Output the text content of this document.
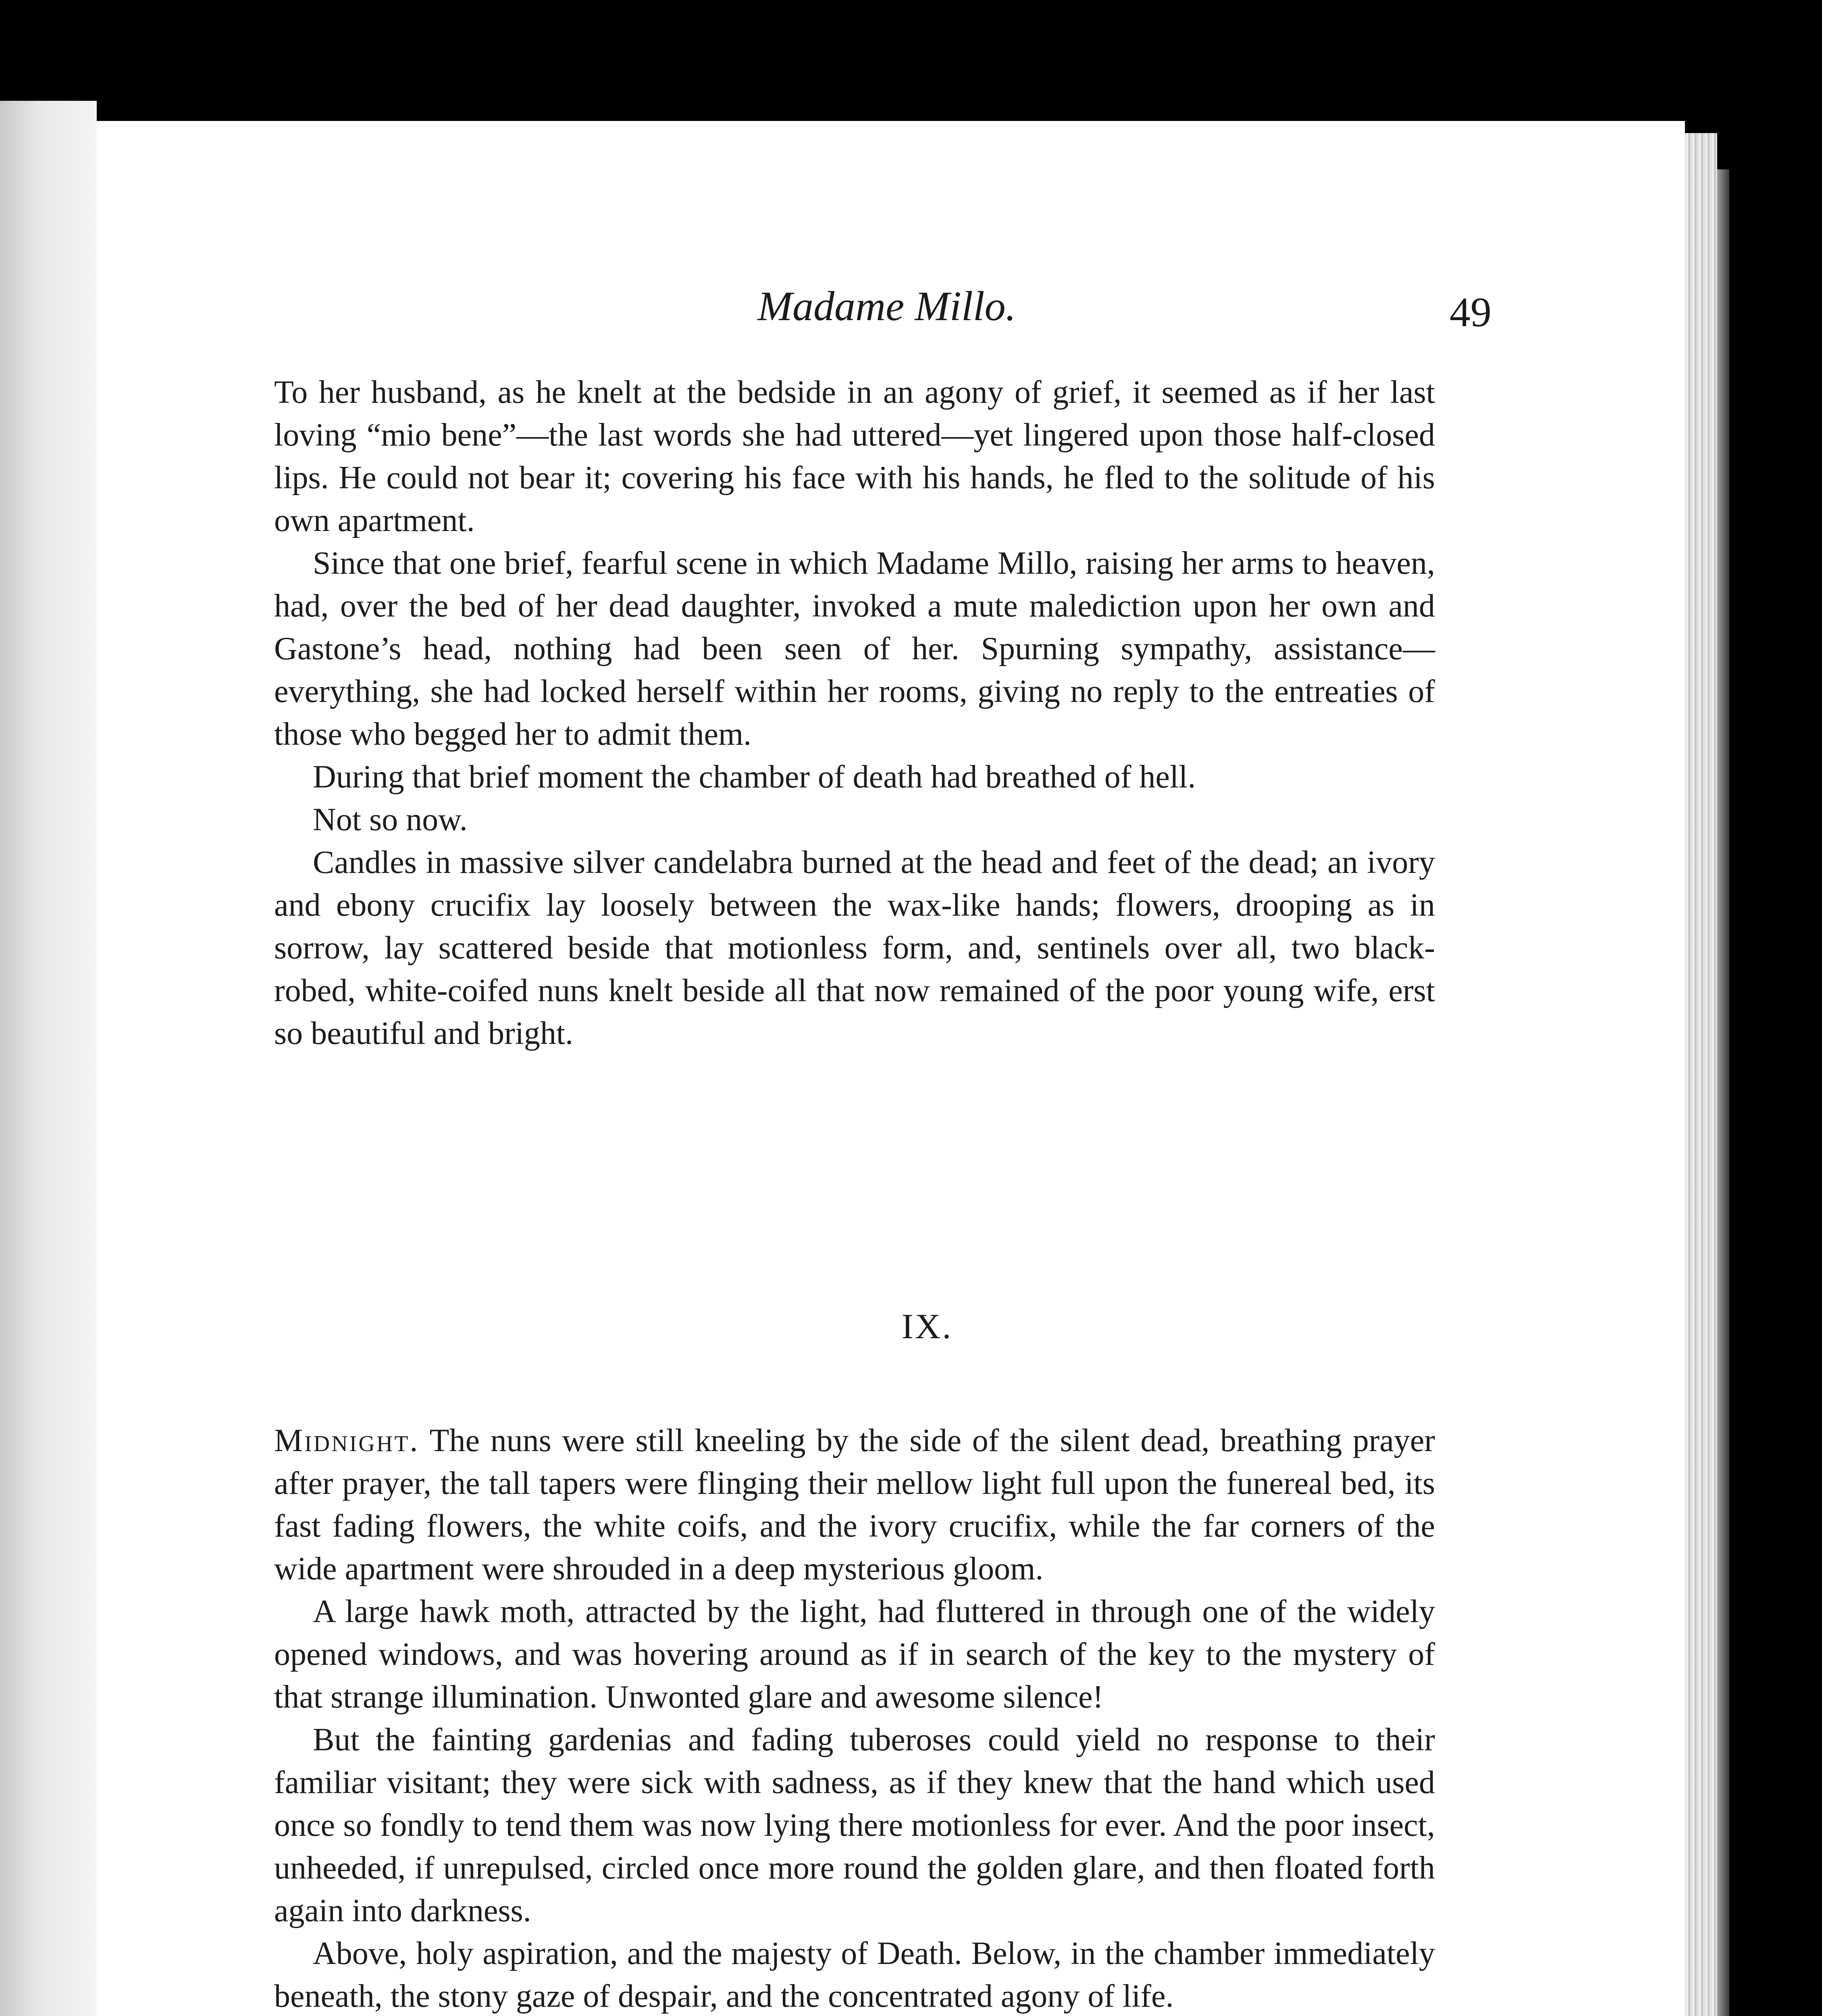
Madame Millo.	49

To her husband, as he knelt at the bedside in an agony of grief, it seemed as if her last loving “mio bene”—the last words she had uttered—yet lingered upon those half-closed lips. He could not bear it; covering his face with his hands, he fled to the solitude of his own apartment.

Since that one brief, fearful scene in which Madame Millo, raising her arms to heaven, had, over the bed of her dead daughter, invoked a mute malediction upon her own and Gastone’s head, nothing had been seen of her. Spurning sympathy, assistance—everything, she had locked herself within her rooms, giving no reply to the entreaties of those who begged her to admit them.

During that brief moment the chamber of death had breathed of hell.

Not so now.

Candles in massive silver candelabra burned at the head and feet of the dead; an ivory and ebony crucifix lay loosely between the wax-like hands; flowers, drooping as in sorrow, lay scattered beside that motionless form, and, sentinels over all, two black-robed, white-coifed nuns knelt beside all that now remained of the poor young wife, erst so beautiful and bright.

IX.

Midnight. The nuns were still kneeling by the side of the silent dead, breathing prayer after prayer, the tall tapers were flinging their mellow light full upon the funereal bed, its fast fading flowers, the white coifs, and the ivory crucifix, while the far corners of the wide apartment were shrouded in a deep mysterious gloom.

A large hawk moth, attracted by the light, had fluttered in through one of the widely opened windows, and was hovering around as if in search of the key to the mystery of that strange illumination. Unwonted glare and awesome silence!

But the fainting gardenias and fading tuberoses could yield no response to their familiar visitant; they were sick with sadness, as if they knew that the hand which used once so fondly to tend them was now lying there motionless for ever. And the poor insect, unheeded, if unrepulsed, circled once more round the golden glare, and then floated forth again into darkness.

Above, holy aspiration, and the majesty of Death. Below, in the chamber immediately beneath, the stony gaze of despair, and the concentrated agony of life.
